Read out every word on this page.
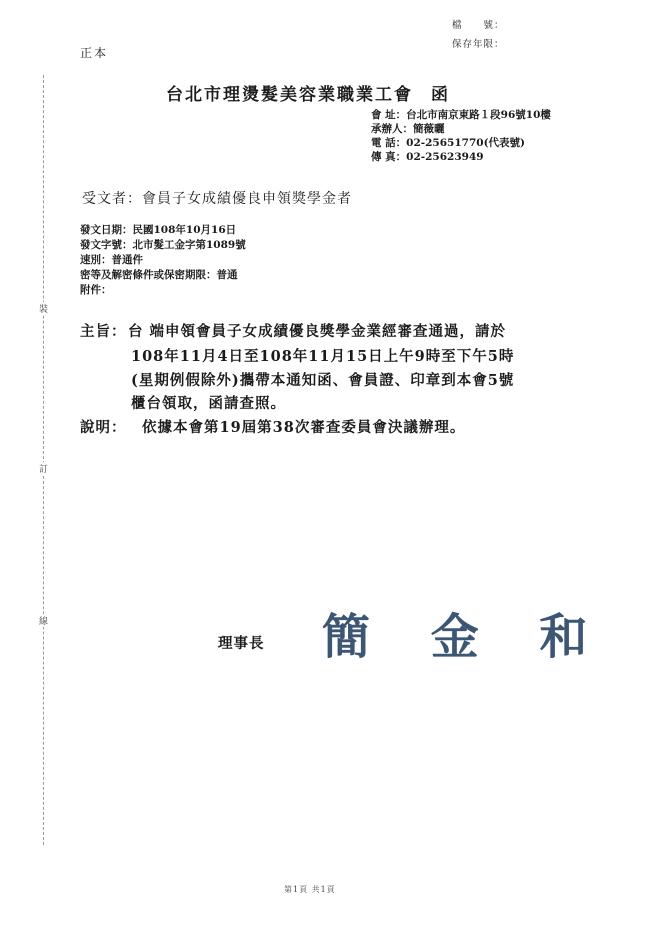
檔　　號：
保存年限：
正本
裝
訂
線
台北市理燙髮美容業職業工會 函
會 址：台北市南京東路１段96號10樓
承辦人：簡薇曬
電 話：02-25651770(代表號)
傳 真：02-25623949
受文者：會員子女成績優良申領獎學金者
發文日期：民國108年10月16日
發文字號：北市髮工金字第1089號
速別：普通件
密等及解密條件或保密期限：普通
附件：
主旨： 台 端申領會員子女成績優良獎學金業經審查通過，請於
108年11月4日至108年11月15日上午9時至下午5時
(星期例假除外)攜帶本通知函、會員證、印章到本會5號
櫃台領取，函請查照。
說明： 依據本會第19屆第38次審查委員會決議辦理。
理事長 簡 金 和
第1頁 共1頁
